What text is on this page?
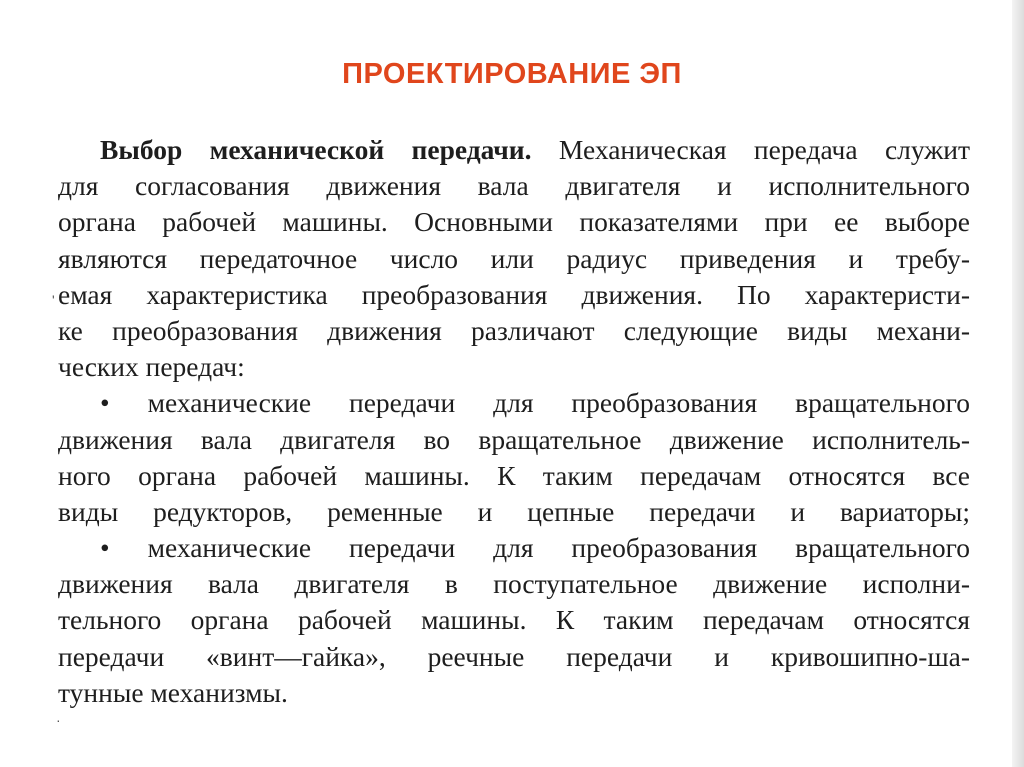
ПРОЕКТИРОВАНИЕ ЭП
Выбор механической передачи. Механическая передача служит
для согласования движения вала двигателя и исполнительного
органа рабочей машины. Основными показателями при ее выборе
являются передаточное число или радиус приведения и требу-
емая характеристика преобразования движения. По характеристи-
ке преобразования движения различают следующие виды механи-
ческих передач:
• механические передачи для преобразования вращательного
движения вала двигателя во вращательное движение исполнитель-
ного органа рабочей машины. К таким передачам относятся все
виды редукторов, ременные и цепные передачи и вариаторы;
• механические передачи для преобразования вращательного
движения вала двигателя в поступательное движение исполни-
тельного органа рабочей машины. К таким передачам относятся
передачи «винт—гайка», реечные передачи и кривошипно-ша-
тунные механизмы.
'
·
